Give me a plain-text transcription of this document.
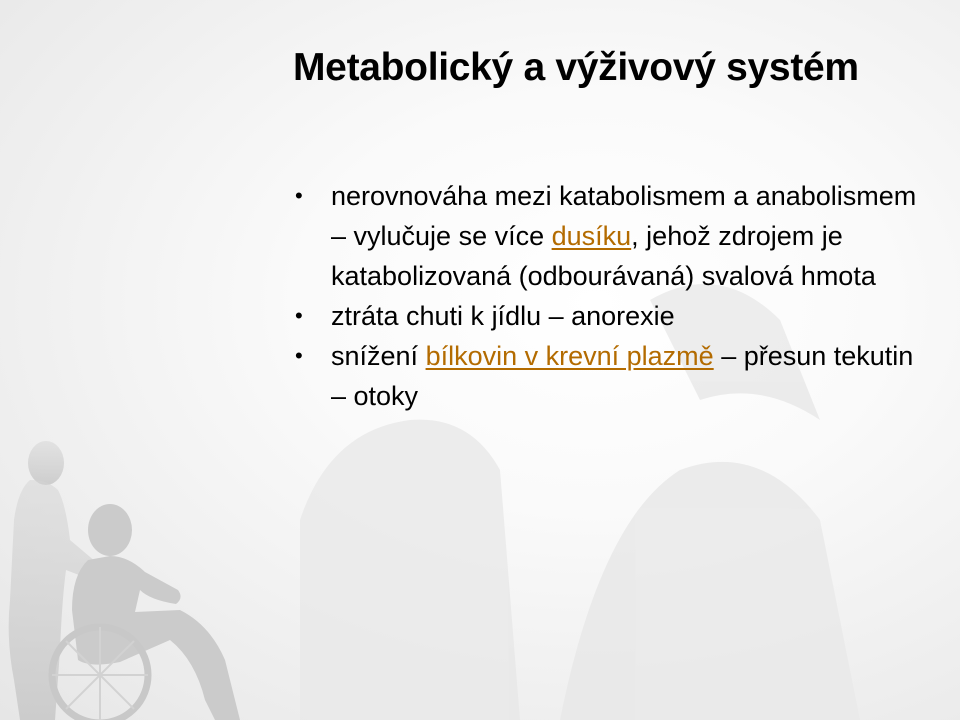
Metabolický a výživový systém
• nerovnováha mezi katabolismem a anabolismem – vylučuje se více dusíku, jehož zdrojem je katabolizovaná (odbourávaná) svalová hmota
• ztráta chuti k jídlu – anorexie
• snížení bílkovin v krevní plazmě – přesun tekutin – otoky
